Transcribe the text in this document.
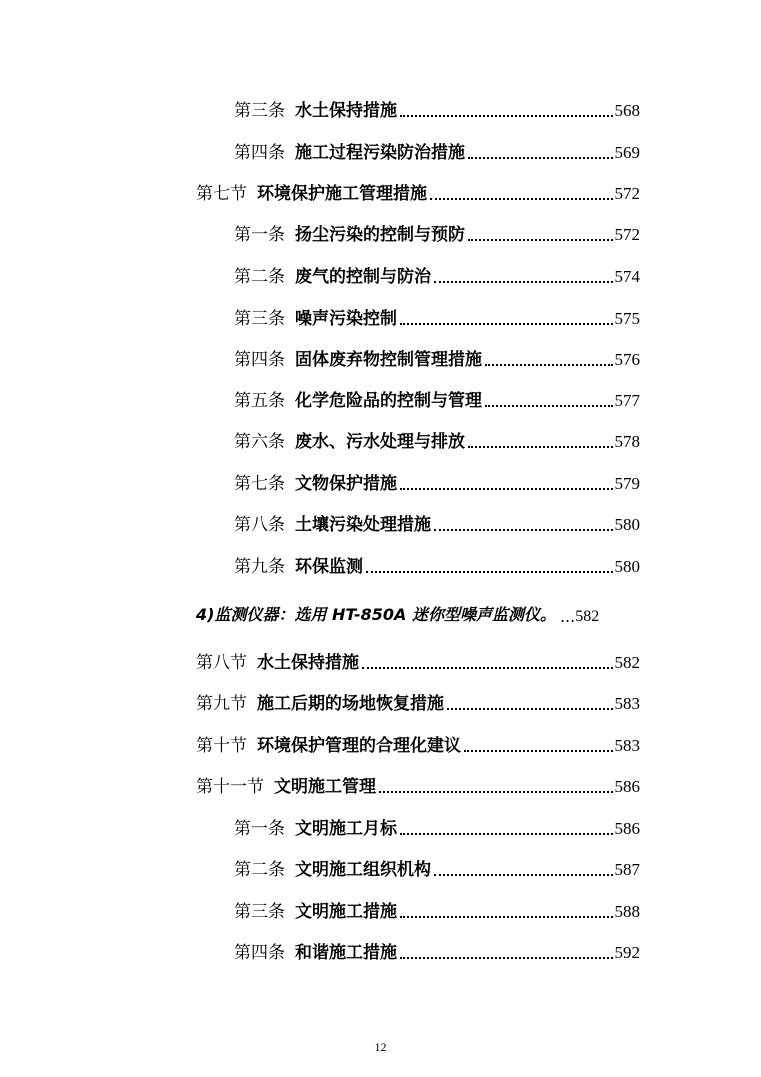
第三条 水土保持措施	568
第四条 施工过程污染防治措施	569
第七节 环境保护施工管理措施	572
第一条 扬尘污染的控制与预防	572
第二条 废气的控制与防治	574
第三条 噪声污染控制	575
第四条 固体废弃物控制管理措施	576
第五条 化学危险品的控制与管理	577
第六条 废水、污水处理与排放	578
第七条 文物保护措施	579
第八条 土壤污染处理措施	580
第九条 环保监测	580
4)监测仪器：选用 HT-850A 迷你型噪声监测仪。 ... 582
第八节 水土保持措施	582
第九节 施工后期的场地恢复措施	583
第十节 环境保护管理的合理化建议	583
第十一节 文明施工管理	586
第一条 文明施工月标	586
第二条 文明施工组织机构	587
第三条 文明施工措施	588
第四条 和谐施工措施	592
12
